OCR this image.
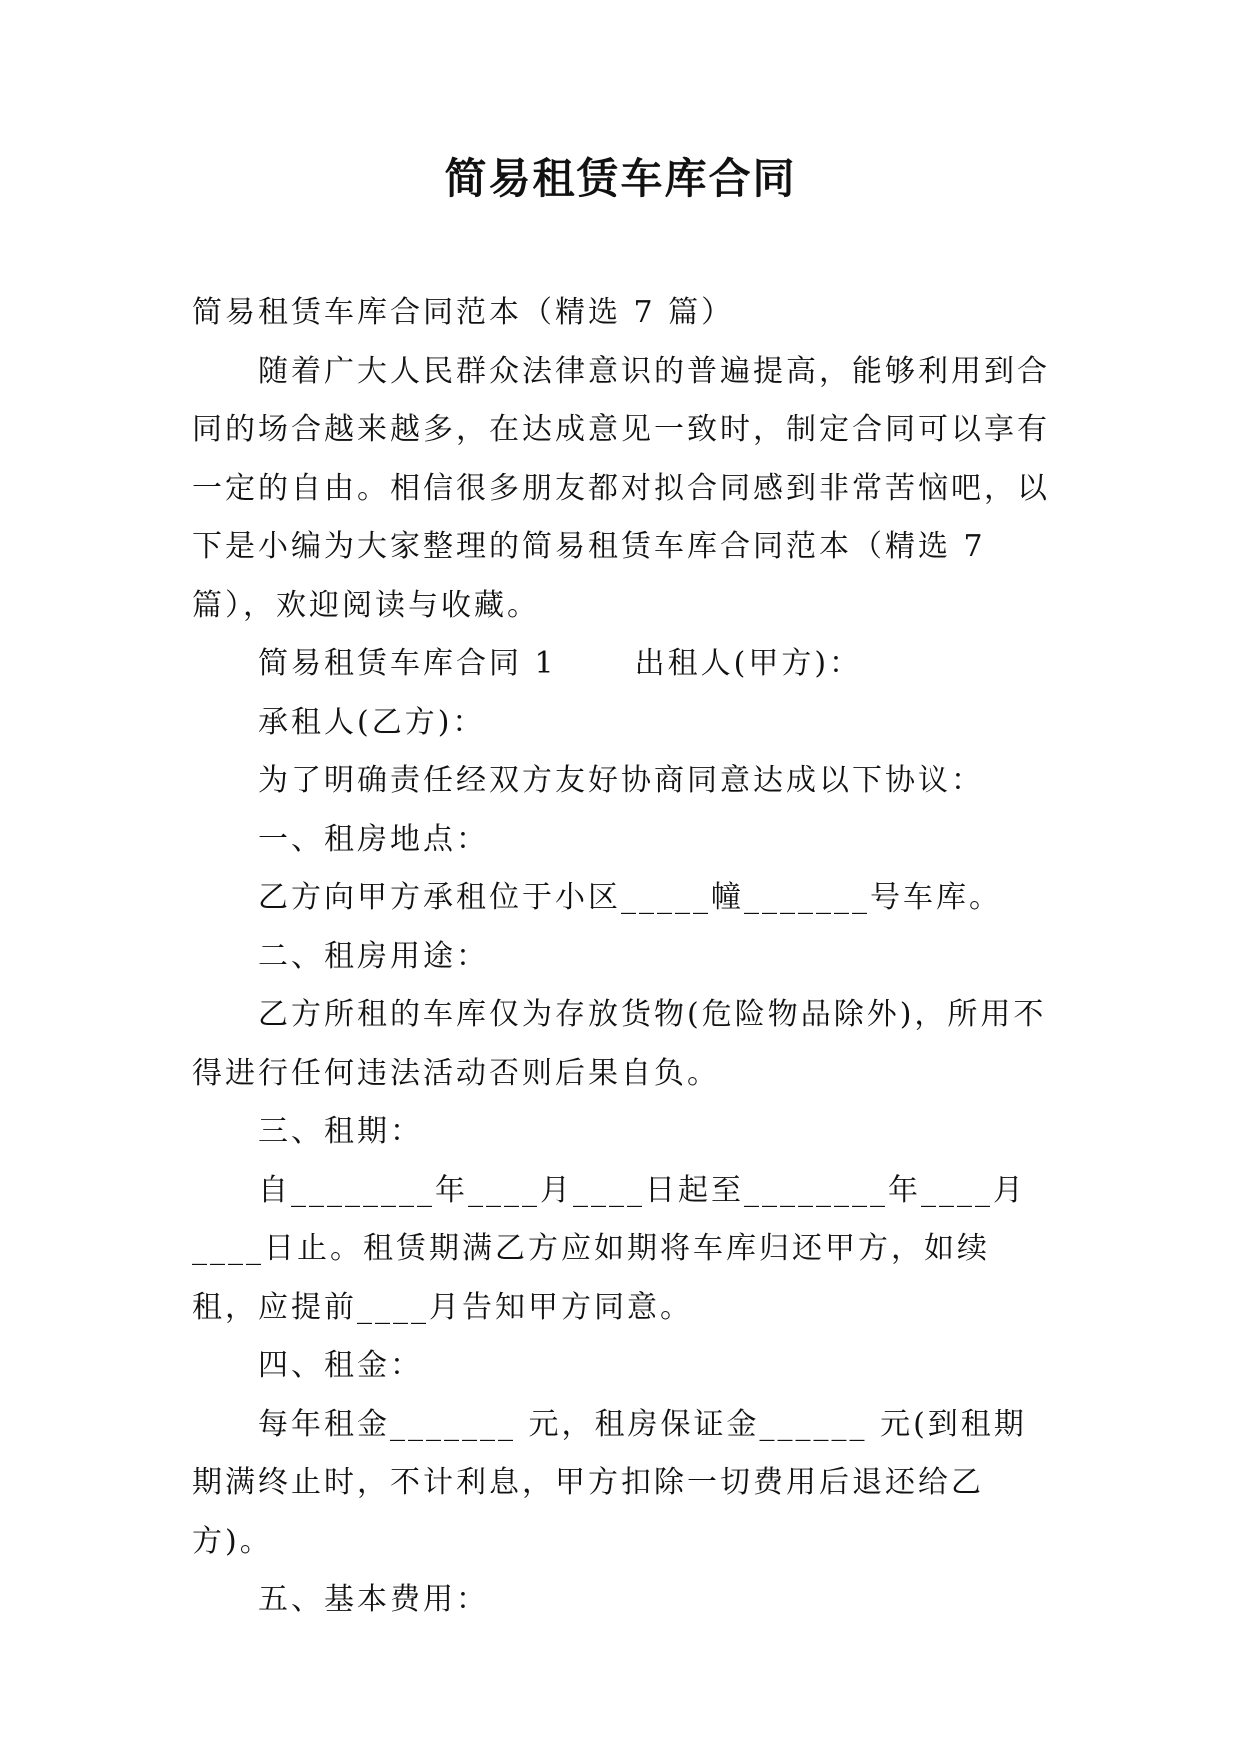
简易租赁车库合同

简易租赁车库合同范本（精选 7 篇）

随着广大人民群众法律意识的普遍提高，能够利用到合同的场合越来越多，在达成意见一致时，制定合同可以享有一定的自由。相信很多朋友都对拟合同感到非常苦恼吧，以下是小编为大家整理的简易租赁车库合同范本（精选 7 篇），欢迎阅读与收藏。

简易租赁车库合同 1	出租人(甲方)：

承租人(乙方)：

为了明确责任经双方友好协商同意达成以下协议：

一、租房地点：

乙方向甲方承租位于小区_____幢_______号车库。

二、租房用途：

乙方所租的车库仅为存放货物(危险物品除外)，所用不得进行任何违法活动否则后果自负。

三、租期：

自________年____月____日起至________年____月____日止。租赁期满乙方应如期将车库归还甲方，如续租，应提前____月告知甲方同意。

四、租金：

每年租金_______ 元，租房保证金______ 元(到租期期满终止时，不计利息，甲方扣除一切费用后退还给乙方)。

五、基本费用：
